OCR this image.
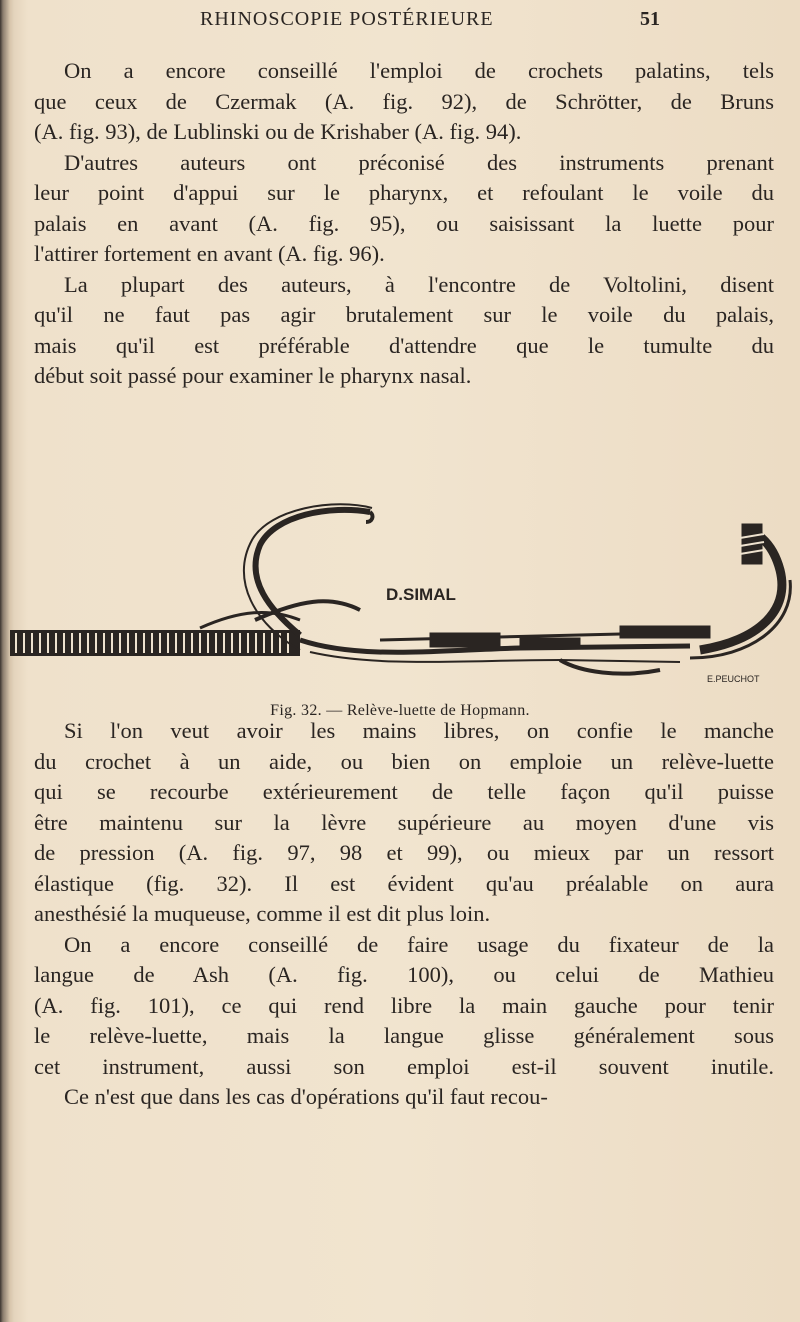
RHINOSCOPIE POSTÉRIEURE	51
On a encore conseillé l'emploi de crochets palatins, tels
que ceux de Czermak (A. fig. 92), de Schrötter, de Bruns
(A. fig. 93), de Lublinski ou de Krishaber (A. fig. 94).
D'autres auteurs ont préconisé des instruments prenant
leur point d'appui sur le pharynx, et refoulant le voile du
palais en avant (A. fig. 95), ou saisissant la luette pour
l'attirer fortement en avant (A. fig. 96).
La plupart des auteurs, à l'encontre de Voltolini, disent
qu'il ne faut pas agir brutalement sur le voile du palais,
mais qu'il est préférable d'attendre que le tumulte du
début soit passé pour examiner le pharynx nasal.
D.SIMAL
E.PEUCHOT
Fig. 32. — Relève-luette de Hopmann.
Si l'on veut avoir les mains libres, on confie le manche
du crochet à un aide, ou bien on emploie un relève-luette
qui se recourbe extérieurement de telle façon qu'il puisse
être maintenu sur la lèvre supérieure au moyen d'une vis
de pression (A. fig. 97, 98 et 99), ou mieux par un ressort
élastique (fig. 32). Il est évident qu'au préalable on aura
anesthésié la muqueuse, comme il est dit plus loin.
On a encore conseillé de faire usage du fixateur de la
langue de Ash (A. fig. 100), ou celui de Mathieu
(A. fig. 101), ce qui rend libre la main gauche pour tenir
le relève-luette, mais la langue glisse généralement sous
cet instrument, aussi son emploi est-il souvent inutile.
Ce n'est que dans les cas d'opérations qu'il faut recou-
